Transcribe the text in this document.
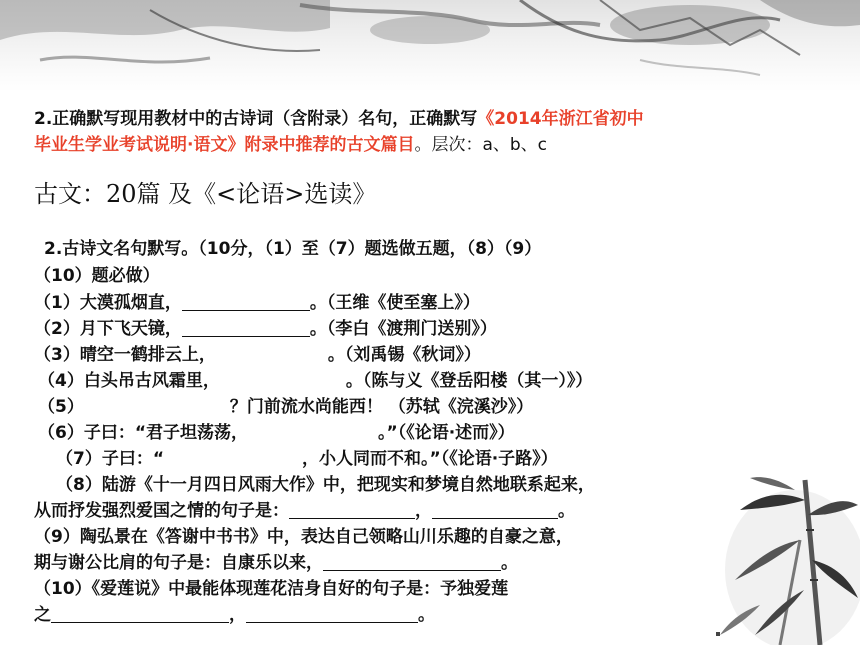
2.正确默写现用教材中的古诗词（含附录）名句，正确默写《2014年浙江省初中
毕业生学业考试说明·语文》附录中推荐的古文篇目。层次：a、b、c
古文：20篇 及《<论语>选读》
2.古诗文名句默写。（10分，（1）至（7）题选做五题，（8）（9）
（10）题必做）
（1）大漠孤烟直，	。（王维《使至塞上》）
（2）月下飞天镜，	。（李白《渡荆门送别》）
（3）晴空一鹤排云上，	。（刘禹锡《秋词》）
（4）白头吊古风霜里，	。（陈与义《登岳阳楼（其一）》）
（5）	？门前流水尚能西！ （苏轼《浣溪沙》）
（6）子曰：“君子坦荡荡，	。”（《论语·述而》）
（7）子曰：“	，小人同而不和。”（《论语·子路》）
（8）陆游《十一月四日风雨大作》中，把现实和梦境自然地联系起来，
从而抒发强烈爱国之情的句子是：	，	。
（9）陶弘景在《答谢中书书》中，表达自己领略山川乐趣的自豪之意，
期与谢公比肩的句子是：自康乐以来，	。
（10）《爱莲说》中最能体现莲花洁身自好的句子是：予独爱莲
之	，	。
